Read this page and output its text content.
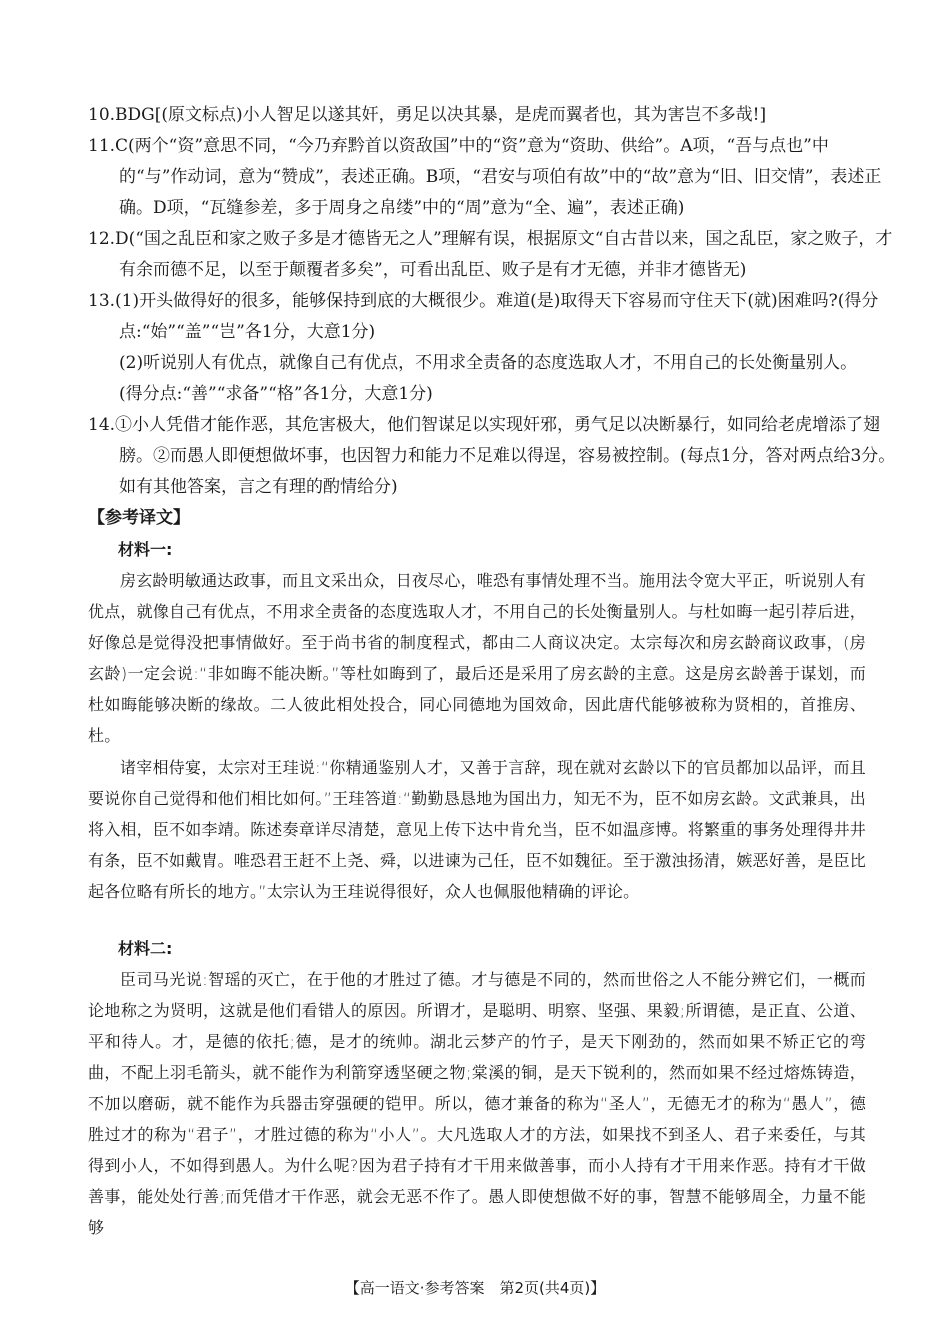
10.BDG[(原文标点)小人智足以遂其奸，勇足以决其暴，是虎而翼者也，其为害岂不多哉!]
11.C(两个“资”意思不同，“今乃弃黔首以资敌国”中的“资”意为“资助、供给”。A项，“吾与点也”中的“与”作动词，意为“赞成”，表述正确。B项，“君安与项伯有故”中的“故”意为“旧、旧交情”，表述正确。D项，“瓦缝参差，多于周身之帛缕”中的“周”意为“全、遍”，表述正确)
12.D(“国之乱臣和家之败子多是才德皆无之人”理解有误，根据原文“自古昔以来，国之乱臣，家之败子，才有余而德不足，以至于颠覆者多矣”，可看出乱臣、败子是有才无德，并非才德皆无)
13.(1)开头做得好的很多，能够保持到底的大概很少。难道(是)取得天下容易而守住天下(就)困难吗?(得分点:“始”“盖”“岂”各1分，大意1分)
(2)听说别人有优点，就像自己有优点，不用求全责备的态度选取人才，不用自己的长处衡量别人。(得分点:“善”“求备”“格”各1分，大意1分)
14.①小人凭借才能作恶，其危害极大，他们智谋足以实现奸邪，勇气足以决断暴行，如同给老虎增添了翅膀。②而愚人即便想做坏事，也因智力和能力不足难以得逞，容易被控制。(每点1分，答对两点给3分。如有其他答案，言之有理的酌情给分)
【参考译文】
材料一:
房玄龄明敏通达政事，而且文采出众，日夜尽心，唯恐有事情处理不当。施用法令宽大平正，听说别人有优点，就像自己有优点，不用求全责备的态度选取人才，不用自己的长处衡量别人。与杜如晦一起引荐后进，好像总是觉得没把事情做好。至于尚书省的制度程式，都由二人商议决定。太宗每次和房玄龄商议政事，(房玄龄)一定会说:“非如晦不能决断。”等杜如晦到了，最后还是采用了房玄龄的主意。这是房玄龄善于谋划，而杜如晦能够决断的缘故。二人彼此相处投合，同心同德地为国效命，因此唐代能够被称为贤相的，首推房、杜。
诸宰相侍宴，太宗对王珪说:“你精通鉴别人才，又善于言辞，现在就对玄龄以下的官员都加以品评，而且要说你自己觉得和他们相比如何。”王珪答道:“勤勤恳恳地为国出力，知无不为，臣不如房玄龄。文武兼具，出将入相，臣不如李靖。陈述奏章详尽清楚，意见上传下达中肯允当，臣不如温彦博。将繁重的事务处理得井井有条，臣不如戴胄。唯恐君王赶不上尧、舜，以进谏为己任，臣不如魏征。至于激浊扬清，嫉恶好善，是臣比起各位略有所长的地方。”太宗认为王珪说得很好，众人也佩服他精确的评论。
材料二:
臣司马光说:智瑶的灭亡，在于他的才胜过了德。才与德是不同的，然而世俗之人不能分辨它们，一概而论地称之为贤明，这就是他们看错人的原因。所谓才，是聪明、明察、坚强、果毅;所谓德，是正直、公道、平和待人。才，是德的依托;德，是才的统帅。湖北云梦产的竹子，是天下刚劲的，然而如果不矫正它的弯曲，不配上羽毛箭头，就不能作为利箭穿透坚硬之物;棠溪的铜，是天下锐利的，然而如果不经过熔炼铸造，不加以磨砺，就不能作为兵器击穿强硬的铠甲。所以，德才兼备的称为“圣人”，无德无才的称为“愚人”，德胜过才的称为“君子”，才胜过德的称为“小人”。大凡选取人才的方法，如果找不到圣人、君子来委任，与其得到小人，不如得到愚人。为什么呢?因为君子持有才干用来做善事，而小人持有才干用来作恶。持有才干做善事，能处处行善;而凭借才干作恶，就会无恶不作了。愚人即使想做不好的事，智慧不能够周全，力量不能够
【高一语文·参考答案　第2页(共4页)】
